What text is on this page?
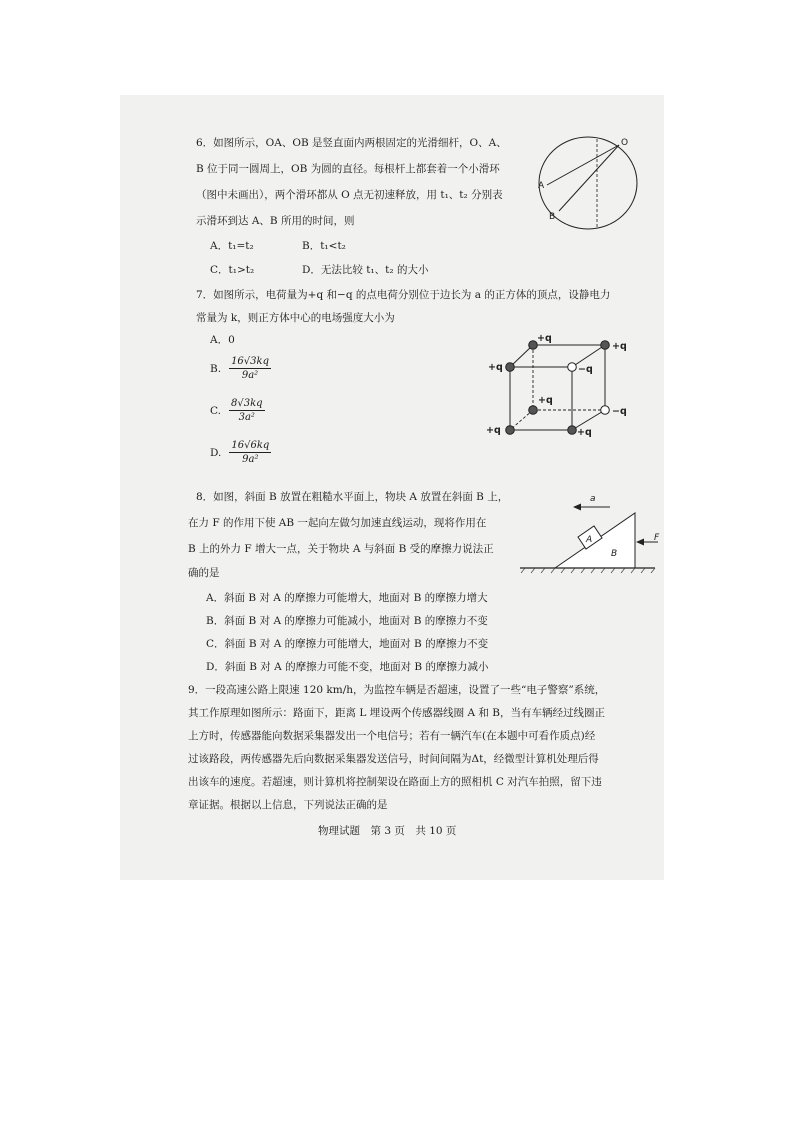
6．如图所示，OA、OB 是竖直面内两根固定的光滑细杆，O、A、
B 位于同一圆周上，OB 为圆的直径。每根杆上都套着一个小滑环
（图中未画出），两个滑环都从 O 点无初速释放，用 t₁、t₂ 分别表
示滑环到达 A、B 所用的时间，则
A．t₁=t₂	B．t₁<t₂
C．t₁>t₂	D．无法比较 t₁、t₂ 的大小
O
A
B
7．如图所示，电荷量为+q 和−q 的点电荷分别位于边长为 a 的正方体的顶点，设静电力
常量为 k，则正方体中心的电场强度大小为
A．0
B. $\frac{16√3kq}{\text{9a²}}$
C. $\frac{8√3kq}{\text{3a²}}$
D. $\frac{16√6kq}{\text{9a²}}$
+q
+q
+q	−q
+q
−q
+q	+q
8．如图，斜面 B 放置在粗糙水平面上，物块 A 放置在斜面 B 上，
在力 F 的作用下使 AB 一起向左做匀加速直线运动，现将作用在
B 上的外力 F 增大一点，关于物块 A 与斜面 B 受的摩擦力说法正
确的是
A．斜面 B 对 A 的摩擦力可能增大，地面对 B 的摩擦力增大
B．斜面 B 对 A 的摩擦力可能减小，地面对 B 的摩擦力不变
C．斜面 B 对 A 的摩擦力可能增大，地面对 B 的摩擦力不变
D．斜面 B 对 A 的摩擦力可能不变，地面对 B 的摩擦力减小
a
A
B
F
9．一段高速公路上限速 120 km/h，为监控车辆是否超速，设置了一些“电子警察”系统，
其工作原理如图所示：路面下，距离 L 埋设两个传感器线圈 A 和 B，当有车辆经过线圈正
上方时，传感器能向数据采集器发出一个电信号；若有一辆汽车(在本题中可看作质点)经
过该路段，两传感器先后向数据采集器发送信号，时间间隔为Δt，经微型计算机处理后得
出该车的速度。若超速，则计算机将控制架设在路面上方的照相机 C 对汽车拍照，留下违
章证据。根据以上信息，下列说法正确的是
物理试题　第 3 页　共 10 页
